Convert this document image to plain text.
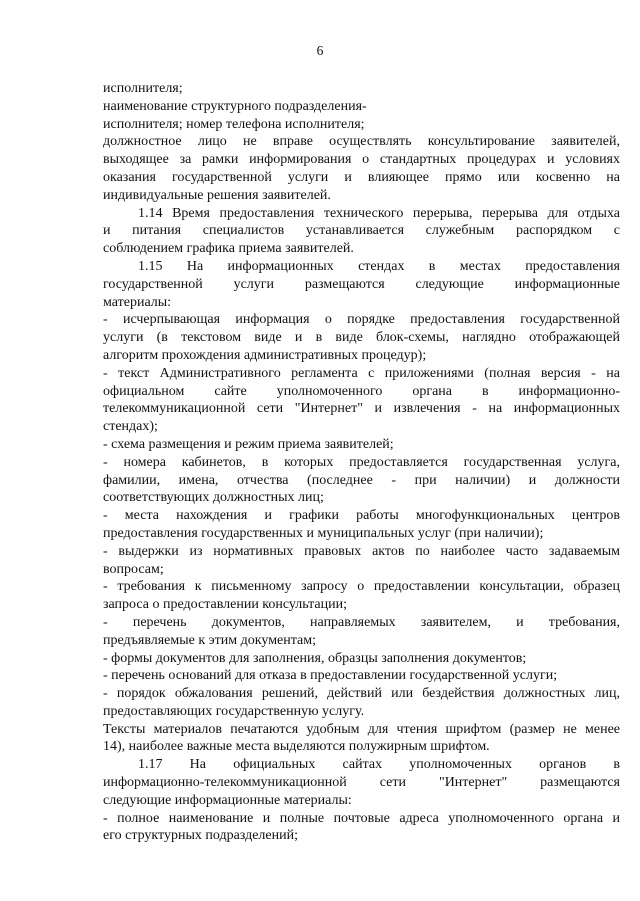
6
исполнителя;
наименование структурного подразделения-
исполнителя; номер телефона исполнителя;
должностное лицо не вправе осуществлять консультирование заявителей,
выходящее за рамки информирования о стандартных процедурах и условиях
оказания государственной услуги и влияющее прямо или косвенно на
индивидуальные решения заявителей.
1.14 Время предоставления технического перерыва, перерыва для отдыха
и питания специалистов устанавливается служебным распорядком с
соблюдением графика приема заявителей.
1.15 На информационных стендах в местах предоставления
государственной услуги размещаются следующие информационные
материалы:
- исчерпывающая информация о порядке предоставления государственной
услуги (в текстовом виде и в виде блок-схемы, наглядно отображающей
алгоритм прохождения административных процедур);
- текст Административного регламента с приложениями (полная версия - на
официальном сайте уполномоченного органа в информационно-
телекоммуникационной сети "Интернет" и извлечения - на информационных
стендах);
- схема размещения и режим приема заявителей;
- номера кабинетов, в которых предоставляется государственная услуга,
фамилии, имена, отчества (последнее - при наличии) и должности
соответствующих должностных лиц;
- места нахождения и графики работы многофункциональных центров
предоставления государственных и муниципальных услуг (при наличии);
- выдержки из нормативных правовых актов по наиболее часто задаваемым
вопросам;
- требования к письменному запросу о предоставлении консультации, образец
запроса о предоставлении консультации;
- перечень документов, направляемых заявителем, и требования,
предъявляемые к этим документам;
- формы документов для заполнения, образцы заполнения документов;
- перечень оснований для отказа в предоставлении государственной услуги;
- порядок обжалования решений, действий или бездействия должностных лиц,
предоставляющих государственную услугу.
Тексты материалов печатаются удобным для чтения шрифтом (размер не менее
14), наиболее важные места выделяются полужирным шрифтом.
1.17 На официальных сайтах уполномоченных органов в
информационно-телекоммуникационной сети "Интернет" размещаются
следующие информационные материалы:
- полное наименование и полные почтовые адреса уполномоченного органа и
его структурных подразделений;
